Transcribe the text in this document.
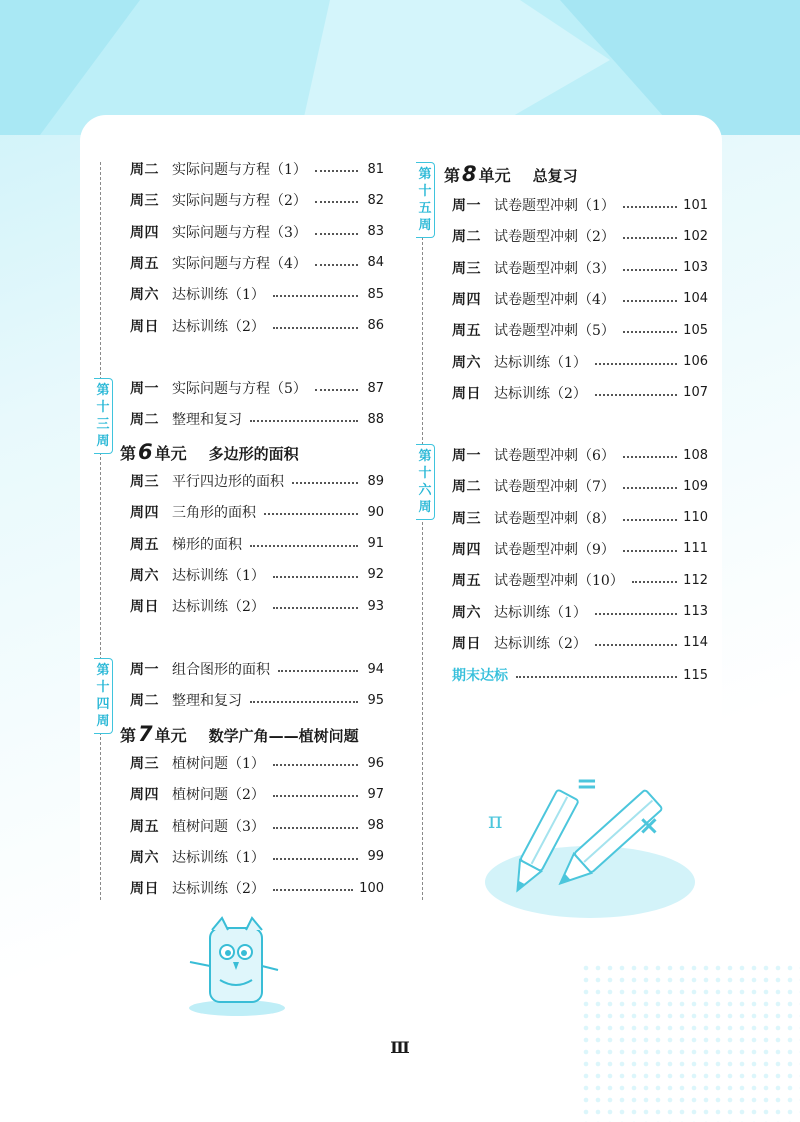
周二 实际问题与方程（1）	81
周三 实际问题与方程（2）	82
周四 实际问题与方程（3）	83
周五 实际问题与方程（4）	84
周六 达标训练（1）	85
周日 达标训练（2）	86
第
十
三
周
周一 实际问题与方程（5）	87
周二 整理和复习	88
第 6 单元 多边形的面积
周三 平行四边形的面积	89
周四 三角形的面积	90
周五 梯形的面积	91
周六 达标训练（1）	92
周日 达标训练（2）	93
第
十
四
周
周一 组合图形的面积	94
周二 整理和复习	95
第 7 单元 数学广角——植树问题
周三 植树问题（1）	96
周四 植树问题（2）	97
周五 植树问题（3）	98
周六 达标训练（1）	99
周日 达标训练（2）	100
第
十
五
周
第 8 单元 总复习
周一 试卷题型冲刺（1）	101
周二 试卷题型冲刺（2）	102
周三 试卷题型冲刺（3）	103
周四 试卷题型冲刺（4）	104
周五 试卷题型冲刺（5）	105
周六 达标训练（1）	106
周日 达标训练（2）	107
第
十
六
周
周一 试卷题型冲刺（6）	108
周二 试卷题型冲刺（7）	109
周三 试卷题型冲刺（8）	110
周四 试卷题型冲刺（9）	111
周五 试卷题型冲刺（10）	112
周六 达标训练（1）	113
周日 达标训练（2）	114
期末达标	115
π
=
×
Ⅲ
